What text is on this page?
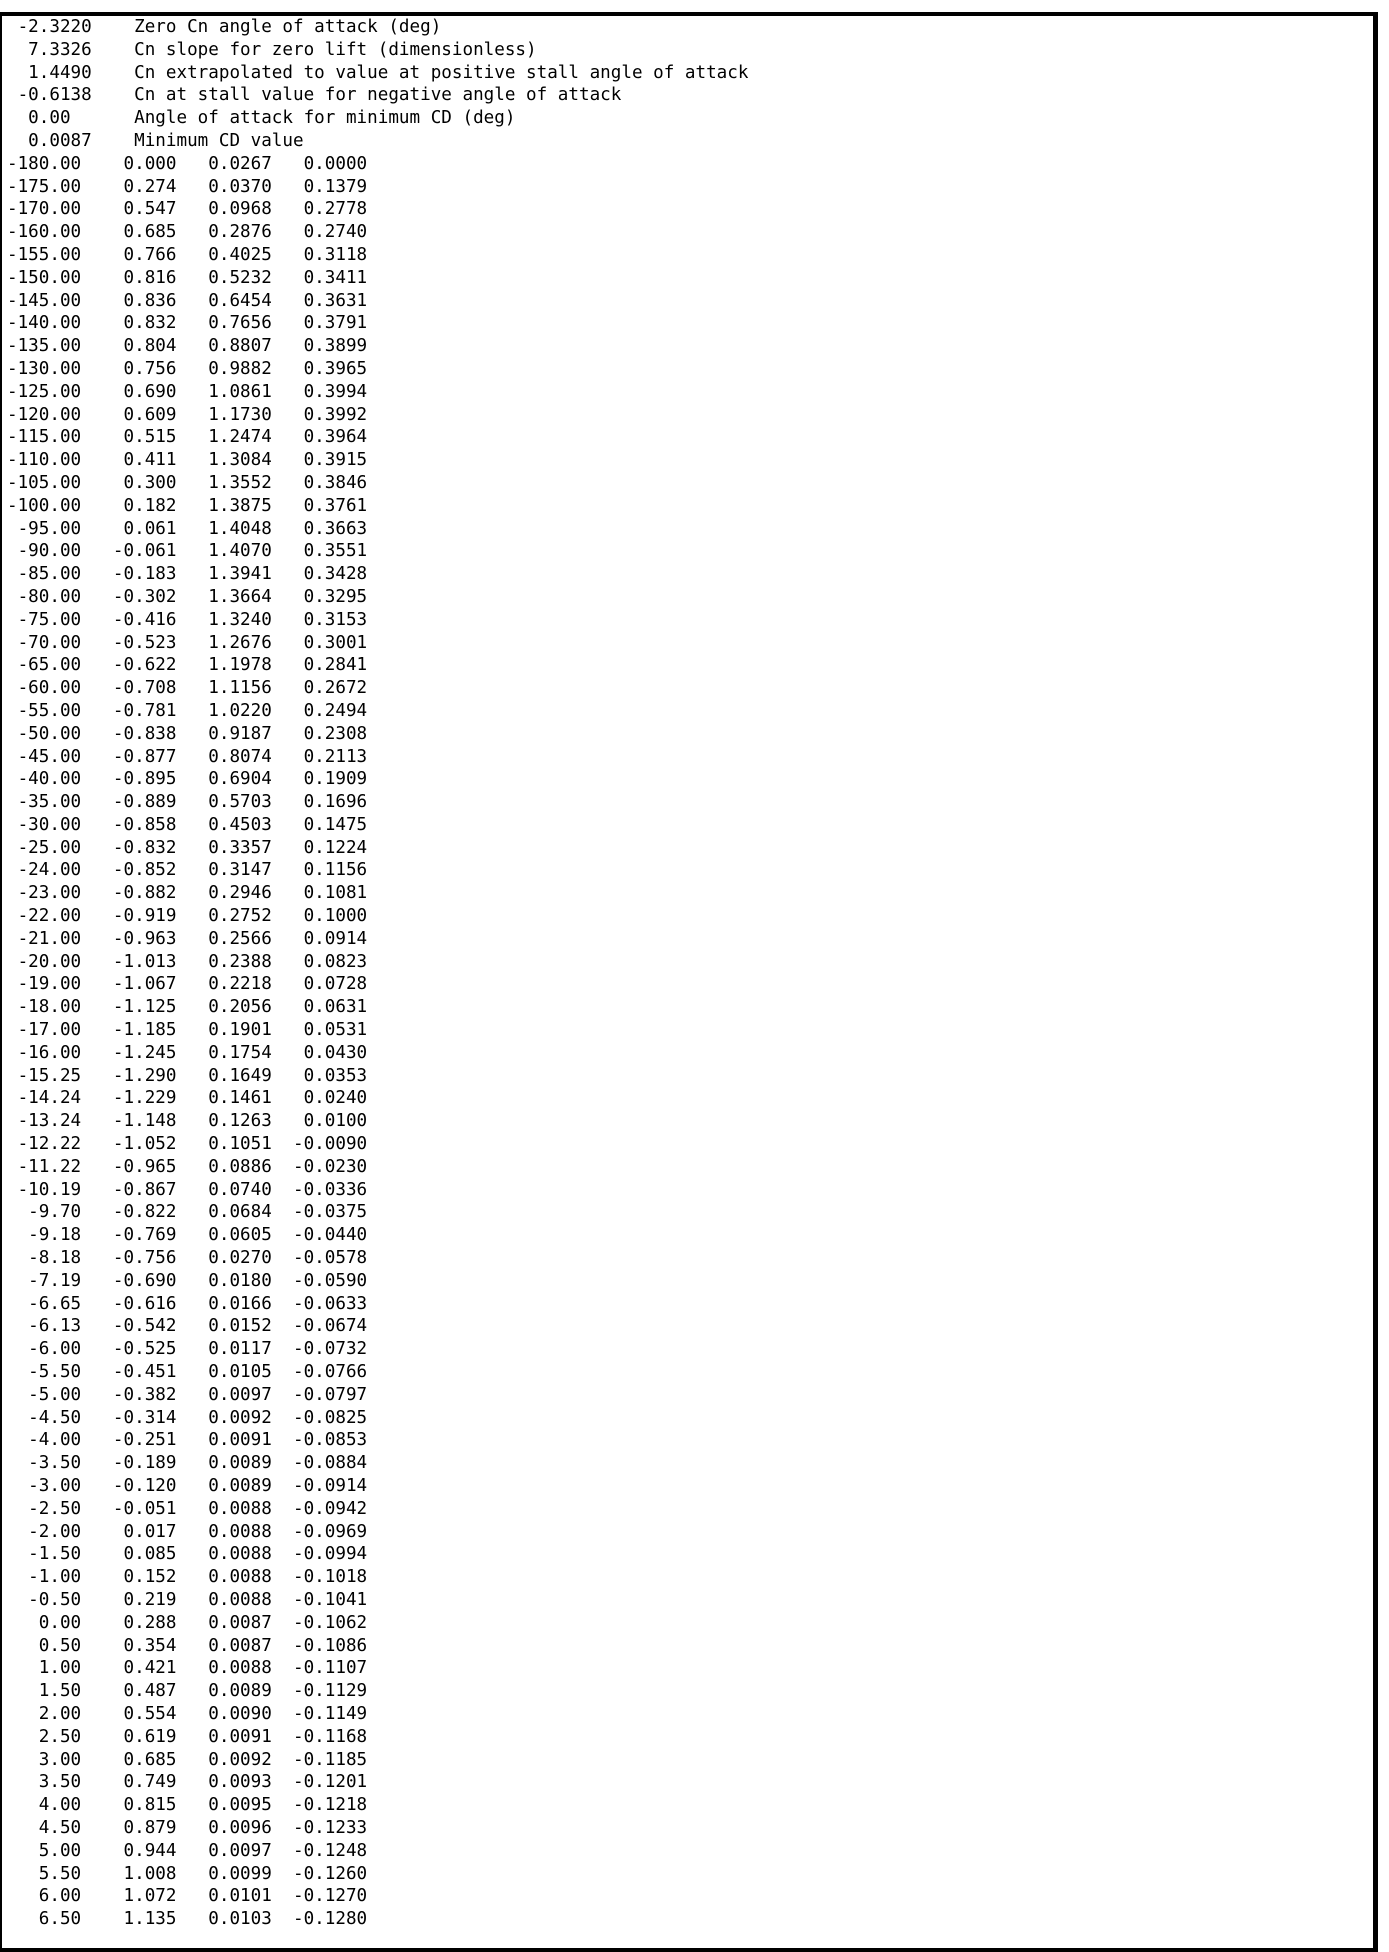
-2.3220    Zero Cn angle of attack (deg)
7.3326    Cn slope for zero lift (dimensionless)
1.4490    Cn extrapolated to value at positive stall angle of attack
-0.6138    Cn at stall value for negative angle of attack
0.00      Angle of attack for minimum CD (deg)
0.0087    Minimum CD value
-180.00    0.000   0.0267   0.0000
-175.00    0.274   0.0370   0.1379
-170.00    0.547   0.0968   0.2778
-160.00    0.685   0.2876   0.2740
-155.00    0.766   0.4025   0.3118
-150.00    0.816   0.5232   0.3411
-145.00    0.836   0.6454   0.3631
-140.00    0.832   0.7656   0.3791
-135.00    0.804   0.8807   0.3899
-130.00    0.756   0.9882   0.3965
-125.00    0.690   1.0861   0.3994
-120.00    0.609   1.1730   0.3992
-115.00    0.515   1.2474   0.3964
-110.00    0.411   1.3084   0.3915
-105.00    0.300   1.3552   0.3846
-100.00    0.182   1.3875   0.3761
-95.00    0.061   1.4048   0.3663
-90.00   -0.061   1.4070   0.3551
-85.00   -0.183   1.3941   0.3428
-80.00   -0.302   1.3664   0.3295
-75.00   -0.416   1.3240   0.3153
-70.00   -0.523   1.2676   0.3001
-65.00   -0.622   1.1978   0.2841
-60.00   -0.708   1.1156   0.2672
-55.00   -0.781   1.0220   0.2494
-50.00   -0.838   0.9187   0.2308
-45.00   -0.877   0.8074   0.2113
-40.00   -0.895   0.6904   0.1909
-35.00   -0.889   0.5703   0.1696
-30.00   -0.858   0.4503   0.1475
-25.00   -0.832   0.3357   0.1224
-24.00   -0.852   0.3147   0.1156
-23.00   -0.882   0.2946   0.1081
-22.00   -0.919   0.2752   0.1000
-21.00   -0.963   0.2566   0.0914
-20.00   -1.013   0.2388   0.0823
-19.00   -1.067   0.2218   0.0728
-18.00   -1.125   0.2056   0.0631
-17.00   -1.185   0.1901   0.0531
-16.00   -1.245   0.1754   0.0430
-15.25   -1.290   0.1649   0.0353
-14.24   -1.229   0.1461   0.0240
-13.24   -1.148   0.1263   0.0100
-12.22   -1.052   0.1051  -0.0090
-11.22   -0.965   0.0886  -0.0230
-10.19   -0.867   0.0740  -0.0336
-9.70   -0.822   0.0684  -0.0375
-9.18   -0.769   0.0605  -0.0440
-8.18   -0.756   0.0270  -0.0578
-7.19   -0.690   0.0180  -0.0590
-6.65   -0.616   0.0166  -0.0633
-6.13   -0.542   0.0152  -0.0674
-6.00   -0.525   0.0117  -0.0732
-5.50   -0.451   0.0105  -0.0766
-5.00   -0.382   0.0097  -0.0797
-4.50   -0.314   0.0092  -0.0825
-4.00   -0.251   0.0091  -0.0853
-3.50   -0.189   0.0089  -0.0884
-3.00   -0.120   0.0089  -0.0914
-2.50   -0.051   0.0088  -0.0942
-2.00    0.017   0.0088  -0.0969
-1.50    0.085   0.0088  -0.0994
-1.00    0.152   0.0088  -0.1018
-0.50    0.219   0.0088  -0.1041
0.00    0.288   0.0087  -0.1062
0.50    0.354   0.0087  -0.1086
1.00    0.421   0.0088  -0.1107
1.50    0.487   0.0089  -0.1129
2.00    0.554   0.0090  -0.1149
2.50    0.619   0.0091  -0.1168
3.00    0.685   0.0092  -0.1185
3.50    0.749   0.0093  -0.1201
4.00    0.815   0.0095  -0.1218
4.50    0.879   0.0096  -0.1233
5.00    0.944   0.0097  -0.1248
5.50    1.008   0.0099  -0.1260
6.00    1.072   0.0101  -0.1270
6.50    1.135   0.0103  -0.1280
